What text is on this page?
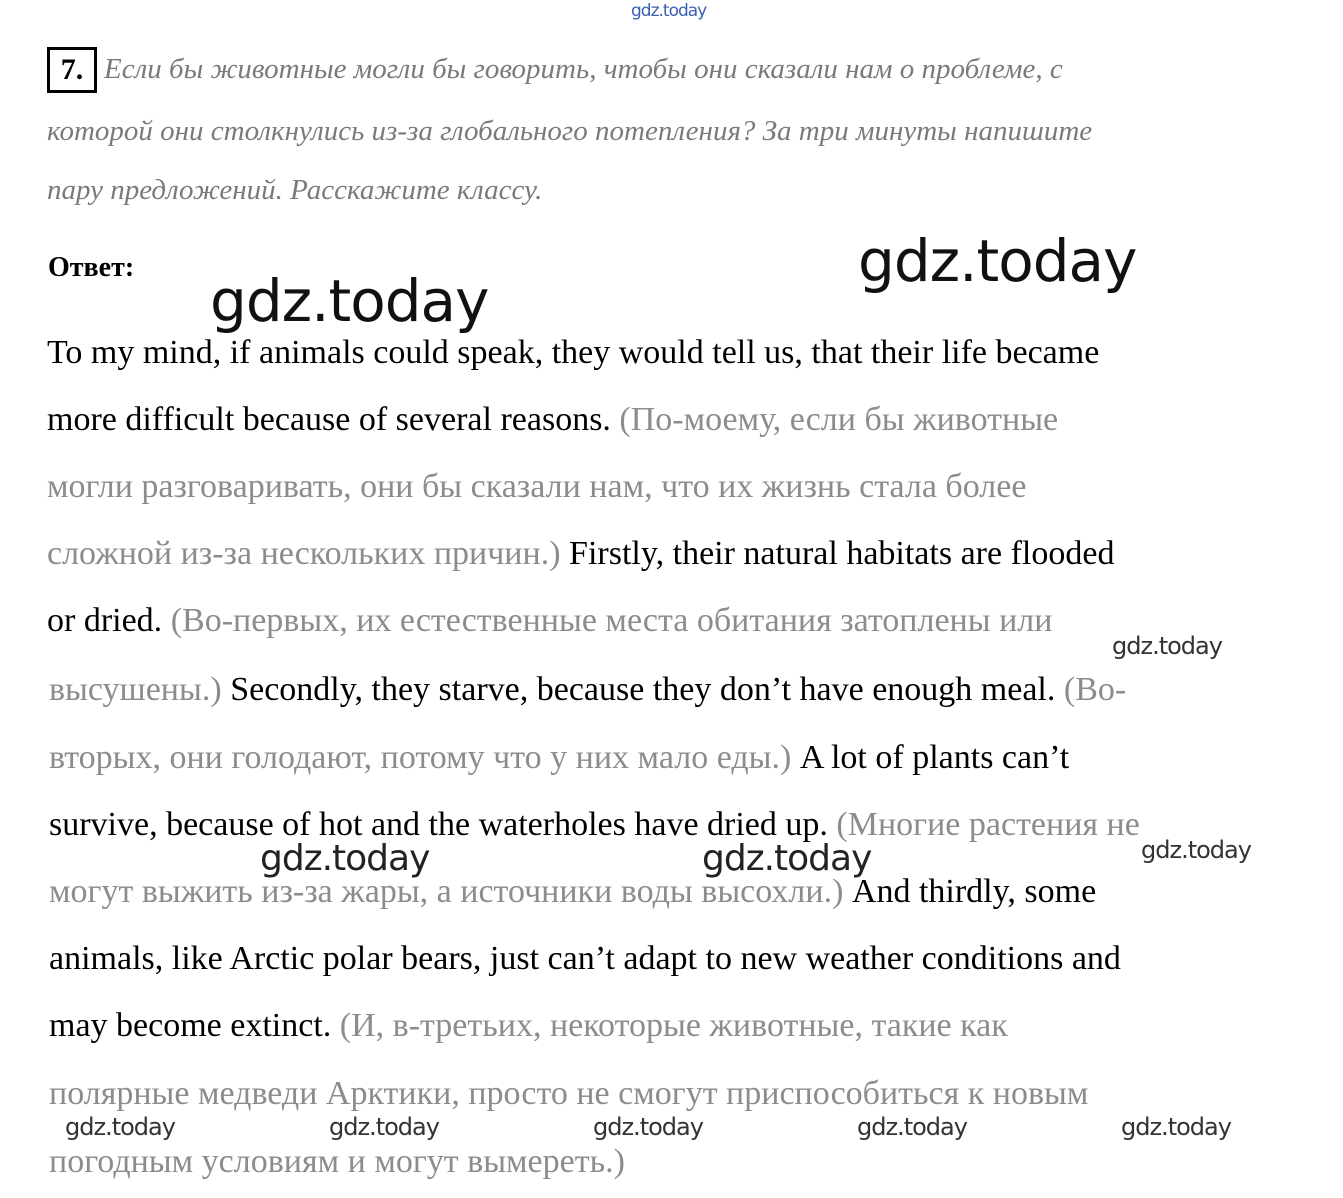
gdz.today
gdz.today
gdz.today
gdz.today
gdz.today
gdz.today	gdz.today
gdz.today	gdz.today	gdz.today	gdz.today	gdz.today
7. Если бы животные могли бы говорить, чтобы они сказали нам о проблеме, с
которой они столкнулись из-за глобального потепления? За три минуты напишите
пару предложений. Расскажите классу.
Ответ:
To my mind, if animals could speak, they would tell us, that their life became
more difficult because of several reasons. (По-моему, если бы животные
могли разговаривать, они бы сказали нам, что их жизнь стала более
сложной из-за нескольких причин.) Firstly, their natural habitats are flooded
or dried. (Во-первых, их естественные места обитания затоплены или
высушены.) Secondly, they starve, because they don’t have enough meal. (Во-
вторых, они голодают, потому что у них мало еды.) A lot of plants can’t
survive, because of hot and the waterholes have dried up. (Многие растения не
могут выжить из-за жары, а источники воды высохли.) And thirdly, some
animals, like Arctic polar bears, just can’t adapt to new weather conditions and
may become extinct. (И, в-третьих, некоторые животные, такие как
полярные медведи Арктики, просто не смогут приспособиться к новым
погодным условиям и могут вымереть.)
